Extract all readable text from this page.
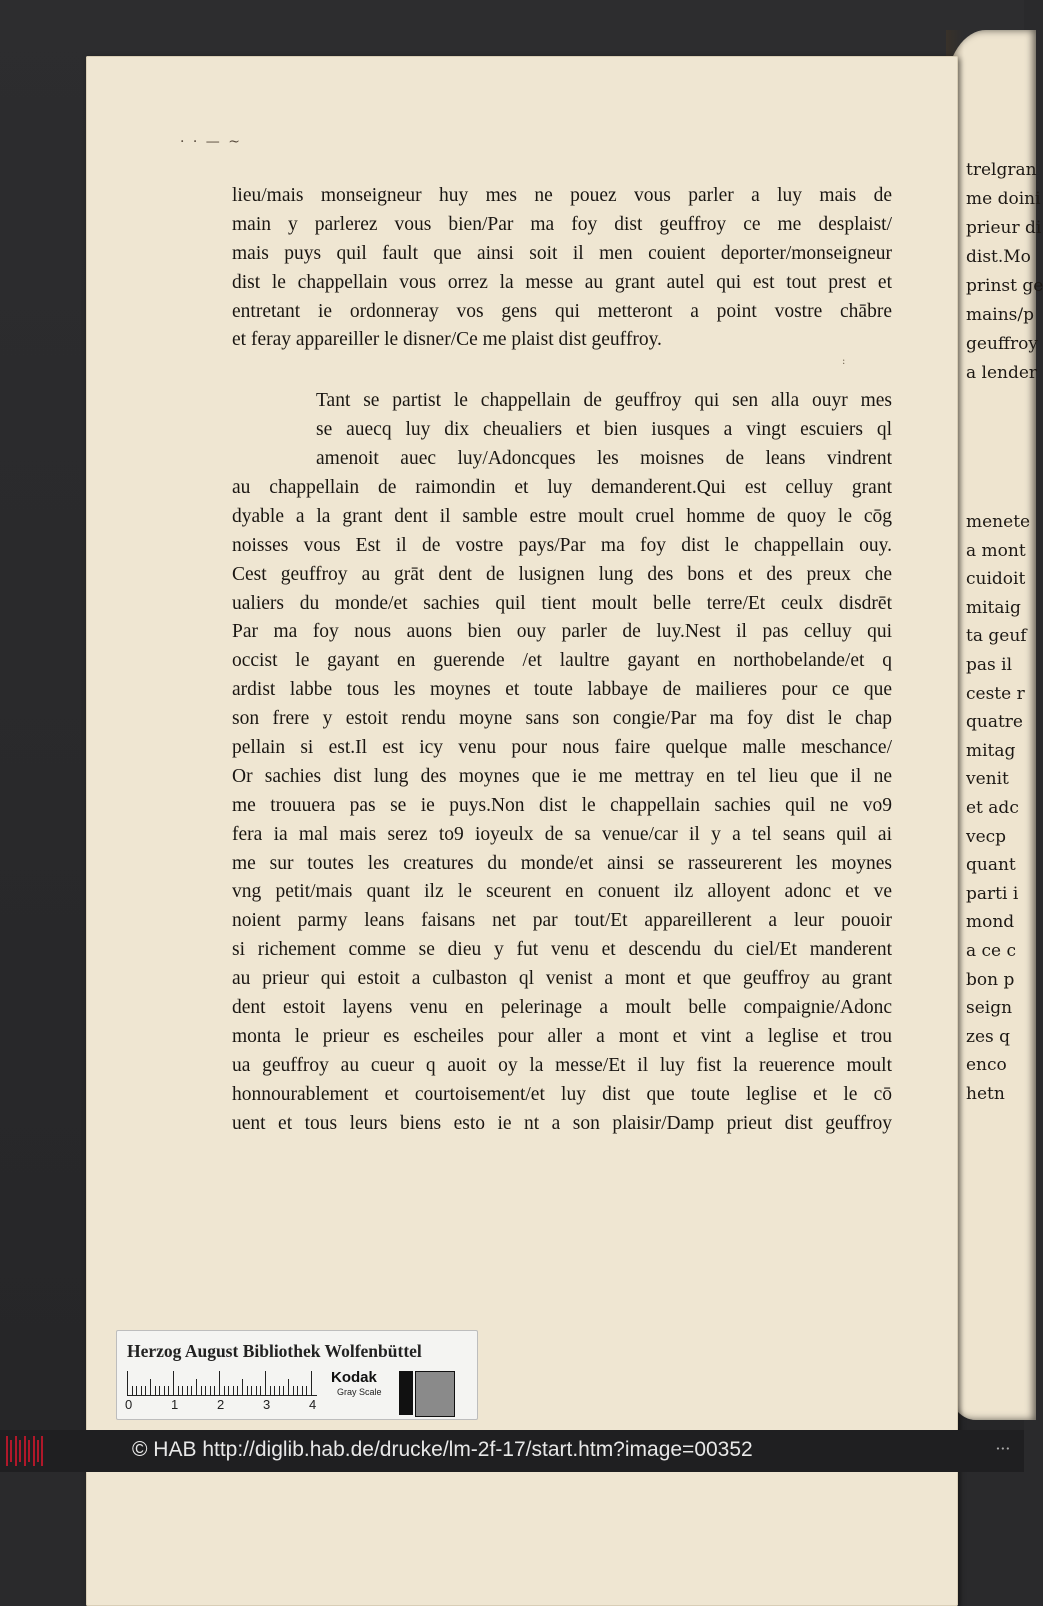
trelgran
me doini
prieur di
dist.Mo
prinst ge
mains/p
geuffroy
a lender
menete
a mont
cuidoit
mitaig
ta geuf
pas il
ceste r
quatre
mitag
venit
et adc
vecp
quant
parti i
mond
a ce c
bon p
seign
zes q
enco
hetn
· · — ~
:
lieu/mais monseigneur huy mes ne pouez vous parler a luy mais de
main y parlerez vous bien/Par ma foy dist geuffroy ce me desplaist/
mais puys quil fault que ainsi soit il men couient deporter/monseigneur
dist le chappellain vous orrez la messe au grant autel qui est tout prest et
entretant ie ordonneray vos gens qui metteront a point vostre chābre
et feray appareiller le disner/Ce me plaist dist geuffroy.
Tant se partist le chappellain de geuffroy qui sen alla ouyr mes
se auecq luy dix cheualiers et bien iusques a vingt escuiers ql
amenoit auec luy/Adoncques les moisnes de leans vindrent
au chappellain de raimondin et luy demanderent.Qui est celluy grant
dyable a la grant dent il samble estre moult cruel homme de quoy le cōg
noisses vous Est il de vostre pays/Par ma foy dist le chappellain ouy.
Cest geuffroy au grāt dent de lusignen lung des bons et des preux che
ualiers du monde/et sachies quil tient moult belle terre/Et ceulx disdrēt
Par ma foy nous auons bien ouy parler de luy.Nest il pas celluy qui
occist le gayant en guerende /et laultre gayant en northobelande/et q
ardist labbe tous les moynes et toute labbaye de mailieres pour ce que
son frere y estoit rendu moyne sans son congie/Par ma foy dist le chap
pellain si est.Il est icy venu pour nous faire quelque malle meschance/
Or sachies dist lung des moynes que ie me mettray en tel lieu que il ne
me trouuera pas se ie puys.Non dist le chappellain sachies quil ne vo9
fera ia mal mais serez to9 ioyeulx de sa venue/car il y a tel seans quil ai
me sur toutes les creatures du monde/et ainsi se rasseurerent les moynes
vng petit/mais quant ilz le sceurent en conuent ilz alloyent adonc et ve
noient parmy leans faisans net par tout/Et appareillerent a leur pouoir
si richement comme se dieu y fut venu et descendu du ciel/Et manderent
au prieur qui estoit a culbaston ql venist a mont et que geuffroy au grant
dent estoit layens venu en pelerinage a moult belle compaignie/Adonc
monta le prieur es escheiles pour aller a mont et vint a leglise et trou
ua geuffroy au cueur q auoit oy la messe/Et il luy fist la reuerence moult
honnourablement et courtoisement/et luy dist que toute leglise et le cō
uent et tous leurs biens esto ie nt a son plaisir/Damp prieut dist geuffroy
Herzog August Bibliothek Wolfenbüttel
0	1	2	3	4
Kodak
Gray Scale
© HAB http://diglib.hab.de/drucke/lm-2f-17/start.htm?image=00352	∙∙∙
